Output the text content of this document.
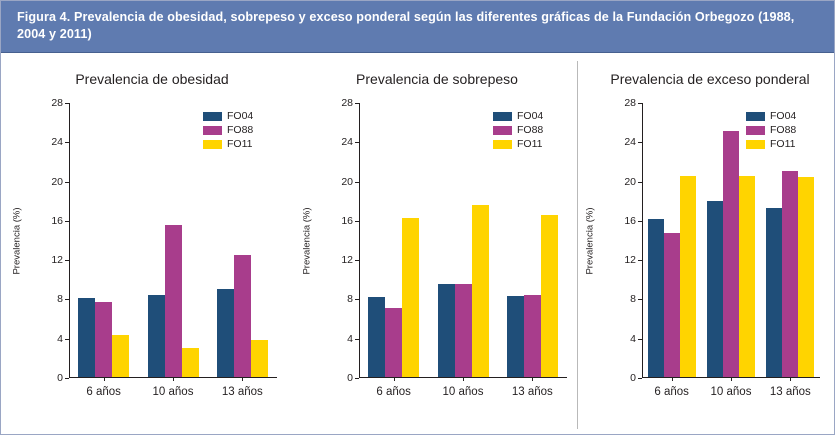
Figura 4. Prevalencia de obesidad, sobrepeso y exceso ponderal según las diferentes gráficas de la Fundación Orbegozo (1988, 2004 y 2011)
Prevalencia de obesidad
Prevalencia (%)
0
4
8
12
16
20
24
28
6 años	10 años	13 años
FO04
FO88
FO11
Prevalencia de sobrepeso
Prevalencia (%)
0
4
8
12
16
20
24
28
6 años	10 años	13 años
FO04
FO88
FO11
Prevalencia de exceso ponderal
Prevalencia (%)
0
4
8
12
16
20
24
28
6 años	10 años	13 años
FO04
FO88
FO11
